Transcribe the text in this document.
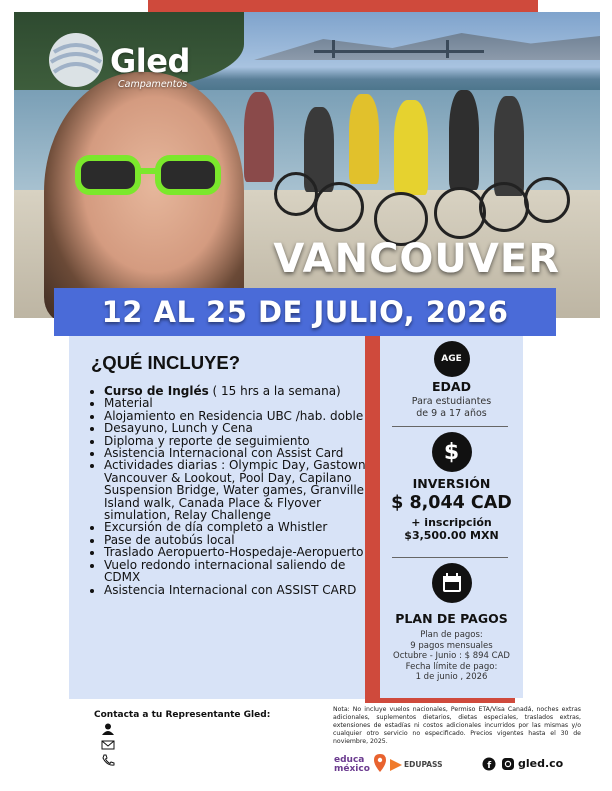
Gled
Campamentos
VANCOUVER
12 AL 25 DE JULIO, 2026
¿QUÉ INCLUYE?
• Curso de Inglés ( 15 hrs a la semana)
• Material
• Alojamiento en Residencia UBC /hab. doble
• Desayuno, Lunch y Cena
• Diploma y reporte de seguimiento
• Asistencia Internacional con Assist Card
• Actividades diarias : Olympic Day, Gastown Vancouver & Lookout, Pool Day, Capilano Suspension Bridge, Water games, Granville Island walk, Canada Place & Flyover simulation, Relay Challenge
• Excursión de día completo a Whistler
• Pase de autobús local
• Traslado Aeropuerto-Hospedaje-Aeropuerto
• Vuelo redondo internacional saliendo de CDMX
• Asistencia Internacional con ASSIST CARD
AGE
EDAD
Para estudiantes
de 9 a 17 años
$
INVERSIÓN
$ 8,044 CAD
+ inscripción
$3,500.00 MXN
PLAN DE PAGOS
Plan de pagos:
9 pagos mensuales
Octubre - Junio : $ 894 CAD
Fecha límite de pago:
1 de junio , 2026
Contacta a tu Representante Gled:
Nota: No incluye vuelos nacionales, Permiso ETA/Visa Canadá, noches extras adicionales, suplementos dietarios, dietas especiales, traslados extras, extensiones de estadías ni costos adicionales incurridos por las mismas y/o cualquier otro servicio no especificado. Precios vigentes hasta el 30 de noviembre, 2025.
educa
méxico	EDUPASS	f gled.co
